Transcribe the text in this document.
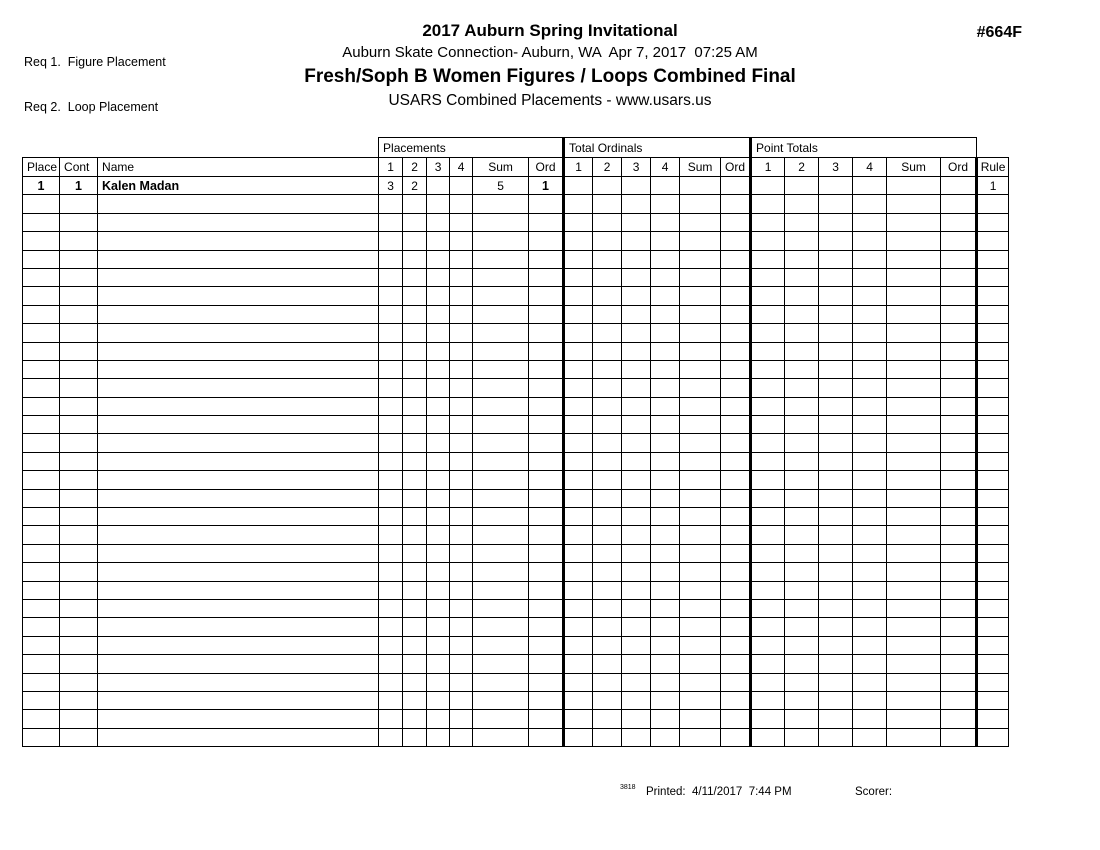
Req 1.  Figure Placement

Req 2.  Loop Placement

2017 Auburn Spring Invitational
Auburn Skate Connection- Auburn, WA  Apr 7, 2017  07:25 AM
Fresh/Soph B Women Figures / Loops Combined Final
USARS Combined Placements - www.usars.us
#664F
			Placements						Total Ordinals						Point Totals						
Place	Cont	Name	1	2	3	4	Sum	Ord	1	2	3	4	Sum	Ord	1	2	3	4	Sum	Ord	Rule
1	1	Kalen Madan	3	2			5	1													1

3818 Printed:  4/11/2017  7:44 PM	Scorer:
